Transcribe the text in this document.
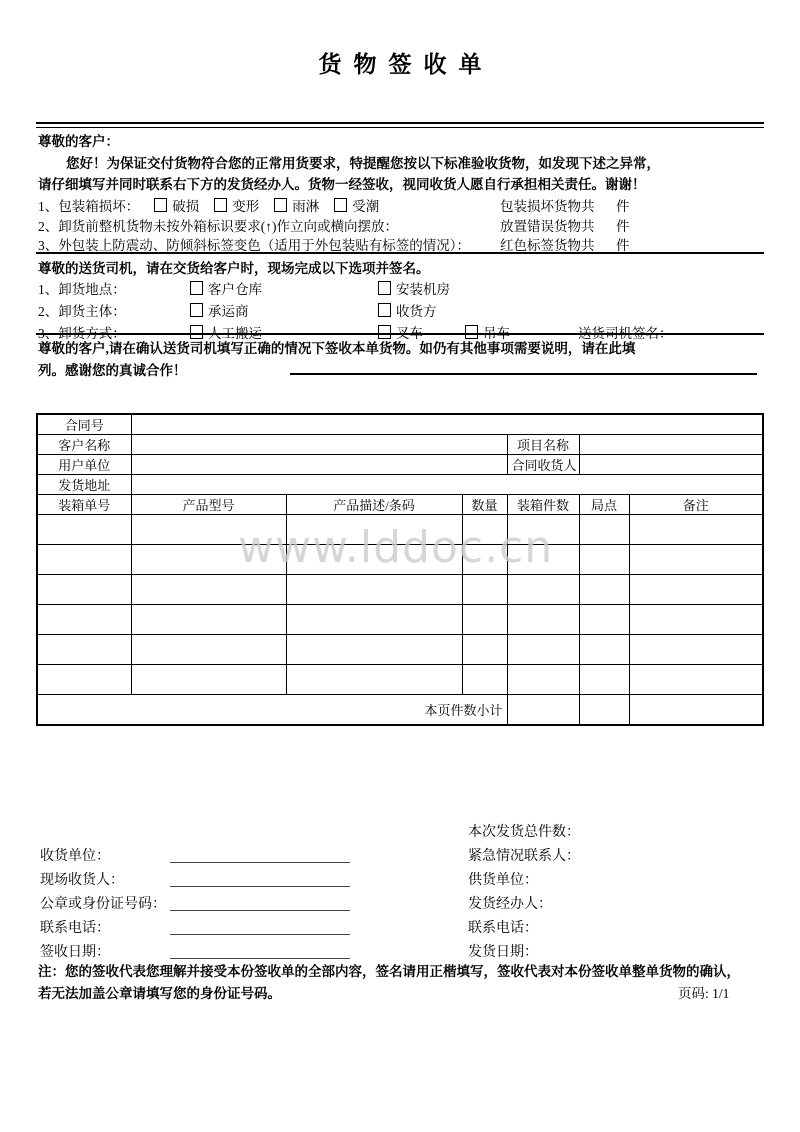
货物签收单
尊敬的客户：
您好！为保证交付货物符合您的正常用货要求，特提醒您按以下标准验收货物，如发现下述之异常，
请仔细填写并同时联系右下方的发货经办人。货物一经签收，视同收货人愿自行承担相关责任。谢谢！
1、包装箱损坏： 破损 变形 雨淋 受潮	包装损坏货物共 件
2、卸货前整机货物未按外箱标识要求(↑)作立向或横向摆放：	放置错误货物共 件
3、外包装上防震动、防倾斜标签变色（适用于外包装贴有标签的情况）： 红色标签货物共 件
尊敬的送货司机，请在交货给客户时，现场完成以下选项并签名。
1、卸货地点：	客户仓库	安装机房
2、卸货主体：	承运商	收货方
3、卸货方式：	人工搬运	叉车	吊车	送货司机签名：
尊敬的客户,请在确认送货司机填写正确的情况下签收本单货物。如仍有其他事项需要说明，请在此填
列。感谢您的真诚合作！
合同号						
客户名称				项目名称		
用户单位				合同收货人		
发货地址						
装箱单号	产品型号	产品描述/条码	数量	装箱件数	局点	备注

本页件数小计						
www.lddoc.cn
本次发货总件数：
收货单位：	紧急情况联系人：
现场收货人：	供货单位：
公章或身份证号码：	发货经办人：
联系电话：	联系电话：
签收日期：	发货日期：
注：您的签收代表您理解并接受本份签收单的全部内容，签名请用正楷填写，签收代表对本份签收单整单货物的确认，
若无法加盖公章请填写您的身份证号码。	页码: 1/1
